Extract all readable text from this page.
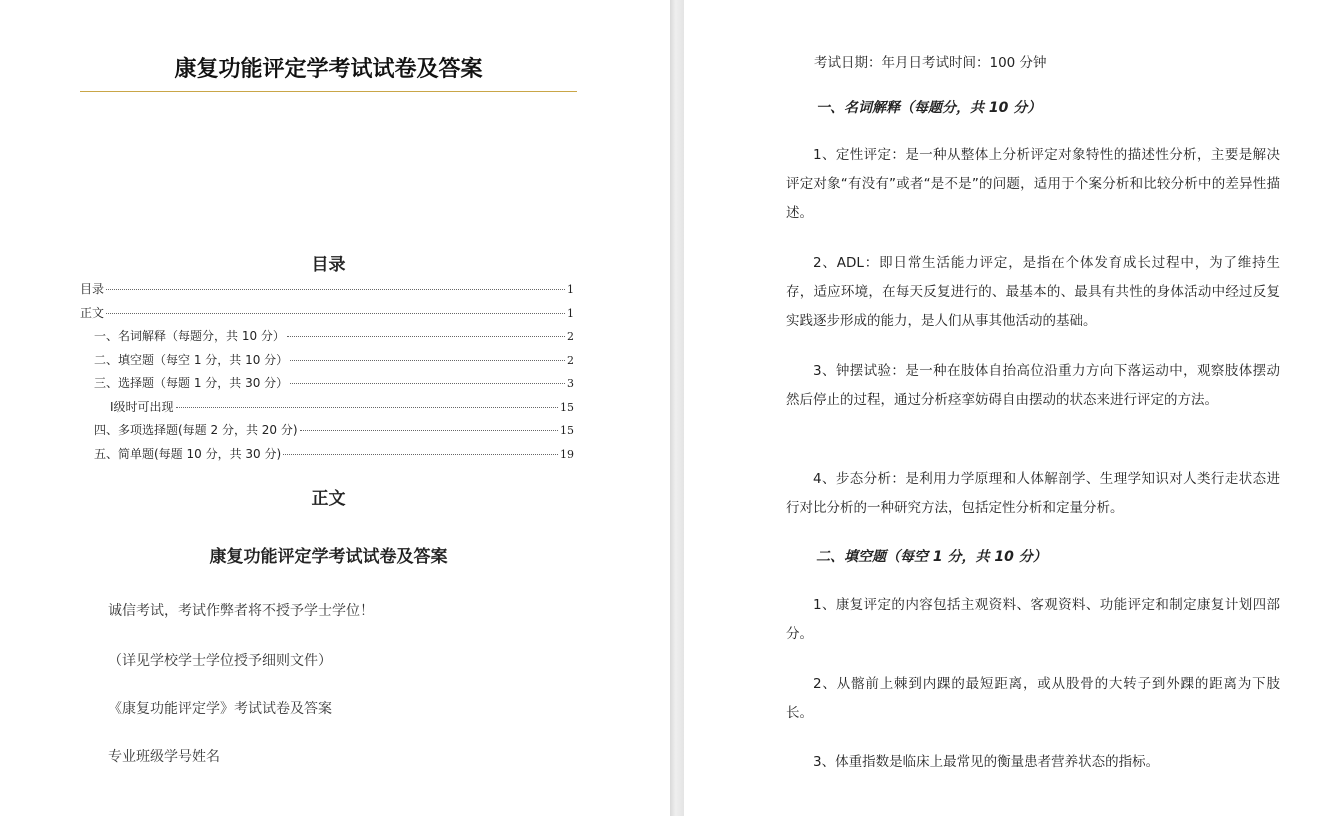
康复功能评定学考试试卷及答案
目录
目录	1
正文	1
一、名词解释（每题分，共 10 分）	2
二、填空题（每空 1 分，共 10 分）	2
三、选择题（每题 1 分，共 30 分）	3
Ⅰ级时可出现	15
四、多项选择题(每题 2 分，共 20 分)	15
五、简单题(每题 10 分，共 30 分)	19
正文
康复功能评定学考试试卷及答案
诚信考试，考试作弊者将不授予学士学位！
（详见学校学士学位授予细则文件）
《康复功能评定学》考试试卷及答案
专业班级学号姓名
考试日期：年月日考试时间：100 分钟
一、名词解释（每题分，共 10 分）
1、定性评定：是一种从整体上分析评定对象特性的描述性分析，主要是解决评定对象“有没有”或者“是不是”的问题，适用于个案分析和比较分析中的差异性描述。
2、ADL：即日常生活能力评定，是指在个体发育成长过程中，为了维持生存，适应环境，在每天反复进行的、最基本的、最具有共性的身体活动中经过反复实践逐步形成的能力，是人们从事其他活动的基础。
3、钟摆试验：是一种在肢体自抬高位沿重力方向下落运动中，观察肢体摆动然后停止的过程，通过分析痉挛妨碍自由摆动的状态来进行评定的方法。
4、步态分析：是利用力学原理和人体解剖学、生理学知识对人类行走状态进行对比分析的一种研究方法，包括定性分析和定量分析。
二、填空题（每空 1 分，共 10 分）
1、康复评定的内容包括主观资料、客观资料、功能评定和制定康复计划四部分。
2、从髂前上棘到内踝的最短距离，或从股骨的大转子到外踝的距离为下肢长。
3、体重指数是临床上最常见的衡量患者营养状态的指标。
